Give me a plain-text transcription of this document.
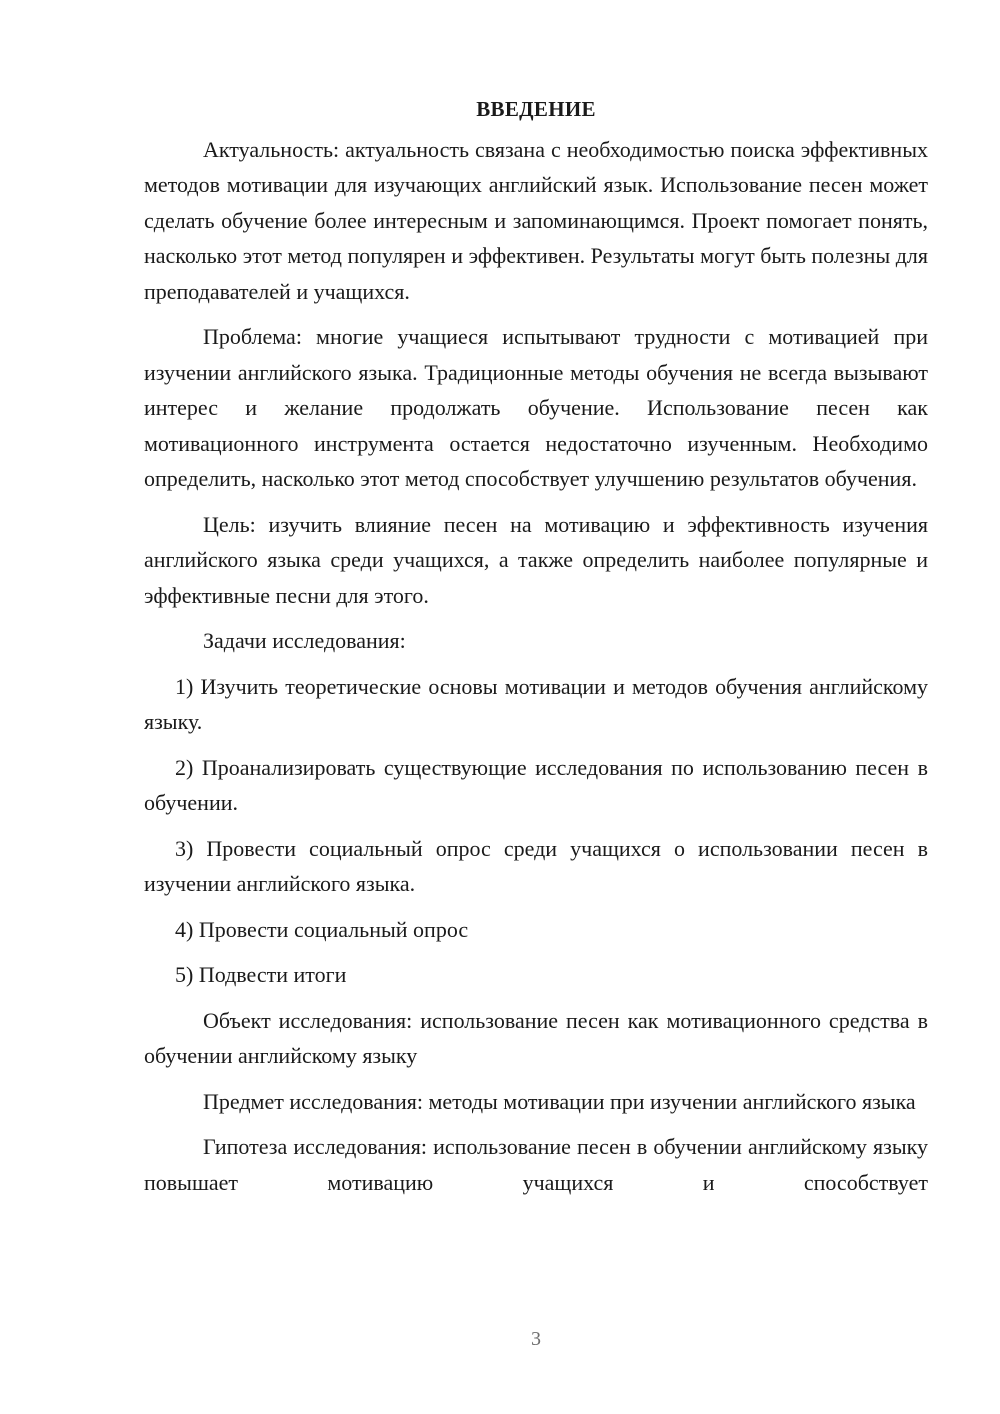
ВВЕДЕНИЕ

Актуальность: актуальность связана с необходимостью поиска эффективных методов мотивации для изучающих английский язык. Использование песен может сделать обучение более интересным и запоминающимся. Проект помогает понять, насколько этот метод популярен и эффективен. Результаты могут быть полезны для преподавателей и учащихся.

Проблема: многие учащиеся испытывают трудности с мотивацией при изучении английского языка. Традиционные методы обучения не всегда вызывают интерес и желание продолжать обучение. Использование песен как мотивационного инструмента остается недостаточно изученным. Необходимо определить, насколько этот метод способствует улучшению результатов обучения.

Цель: изучить влияние песен на мотивацию и эффективность изучения английского языка среди учащихся, а также определить наиболее популярные и эффективные песни для этого.

Задачи исследования:

1) Изучить теоретические основы мотивации и методов обучения английскому языку.

2) Проанализировать существующие исследования по использованию песен в обучении.

3) Провести социальный опрос среди учащихся о использовании песен в изучении английского языка.

4) Провести социальный опрос

5) Подвести итоги

Объект исследования: использование песен как мотивационного средства в обучении английскому языку

Предмет исследования: методы мотивации при изучении английского языка

Гипотеза исследования: использование песен в обучении английскому языку повышает мотивацию учащихся и способствует

3
